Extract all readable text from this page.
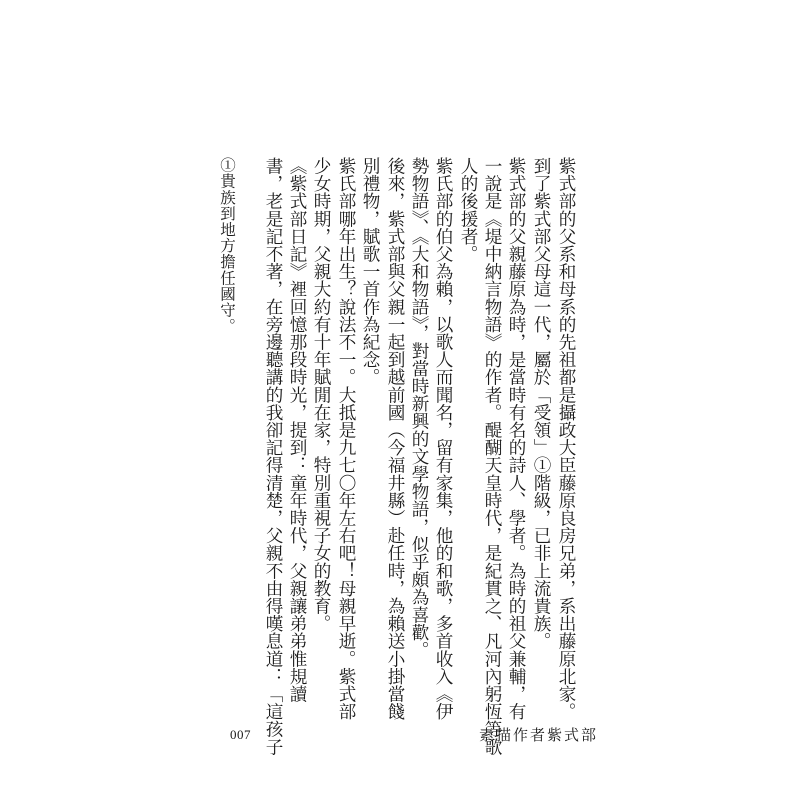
紫式部的父系和母系的先祖都是攝政大臣藤原良房兄弟，系出藤原北家。
到了紫式部父母這一代，屬於「受領」①階級，已非上流貴族。
紫式部的父親藤原為時，是當時有名的詩人、學者。為時的祖父兼輔，有
一說是《堤中納言物語》的作者。醍醐天皇時代，是紀貫之、凡河內躬恆等歌
人的後援者。
紫氏部的伯父為賴，以歌人而聞名，留有家集，他的和歌，多首收入《伊
勢物語》、《大和物語》，對當時新興的文學物語，似乎頗為喜歡。
後來，紫式部與父親一起到越前國（今福井縣）赴任時，為賴送小掛當餞
別禮物，賦歌一首作為紀念。
紫氏部哪年出生？說法不一。大抵是九七〇年左右吧！母親早逝。紫式部
少女時期，父親大約有十年賦閒在家，特別重視子女的教育。
《紫式部日記》裡回憶那段時光，提到：童年時代，父親讓弟弟惟規讀
書，老是記不著，在旁邊聽講的我卻記得清楚，父親不由得嘆息道：「這孩子
①貴族到地方擔任國守。
007	素描作者紫式部
